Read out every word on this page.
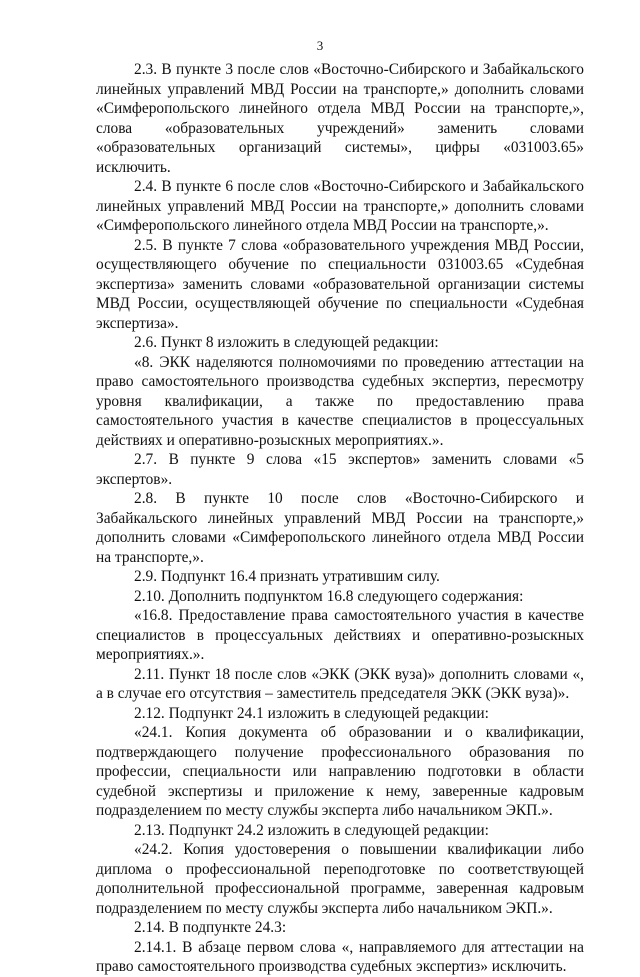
3

2.3. В пункте 3 после слов «Восточно-Сибирского и Забайкальского линейных управлений МВД России на транспорте,» дополнить словами «Симферопольского линейного отдела МВД России на транспорте,», слова «образовательных учреждений» заменить словами «образовательных организаций системы», цифры «031003.65» исключить.

2.4. В пункте 6 после слов «Восточно-Сибирского и Забайкальского линейных управлений МВД России на транспорте,» дополнить словами «Симферопольского линейного отдела МВД России на транспорте,».

2.5. В пункте 7 слова «образовательного учреждения МВД России, осуществляющего обучение по специальности 031003.65 «Судебная экспертиза» заменить словами «образовательной организации системы МВД России, осуществляющей обучение по специальности «Судебная экспертиза».

2.6. Пункт 8 изложить в следующей редакции:

«8. ЭКК наделяются полномочиями по проведению аттестации на право самостоятельного производства судебных экспертиз, пересмотру уровня квалификации, а также по предоставлению права самостоятельного участия в качестве специалистов в процессуальных действиях и оперативно-розыскных мероприятиях.».

2.7. В пункте 9 слова «15 экспертов» заменить словами «5 экспертов».

2.8. В пункте 10 после слов «Восточно-Сибирского и Забайкальского линейных управлений МВД России на транспорте,» дополнить словами «Симферопольского линейного отдела МВД России на транспорте,».

2.9. Подпункт 16.4 признать утратившим силу.

2.10. Дополнить подпунктом 16.8 следующего содержания:

«16.8. Предоставление права самостоятельного участия в качестве специалистов в процессуальных действиях и оперативно-розыскных мероприятиях.».

2.11. Пункт 18 после слов «ЭКК (ЭКК вуза)» дополнить словами «, а в случае его отсутствия – заместитель председателя ЭКК (ЭКК вуза)».

2.12. Подпункт 24.1 изложить в следующей редакции:

«24.1. Копия документа об образовании и о квалификации, подтверждающего получение профессионального образования по профессии, специальности или направлению подготовки в области судебной экспертизы и приложение к нему, заверенные кадровым подразделением по месту службы эксперта либо начальником ЭКП.».

2.13. Подпункт 24.2 изложить в следующей редакции:

«24.2. Копия удостоверения о повышении квалификации либо диплома о профессиональной переподготовке по соответствующей дополнительной профессиональной программе, заверенная кадровым подразделением по месту службы эксперта либо начальником ЭКП.».

2.14. В подпункте 24.3:

2.14.1. В абзаце первом слова «, направляемого для аттестации на право самостоятельного производства судебных экспертиз» исключить.
